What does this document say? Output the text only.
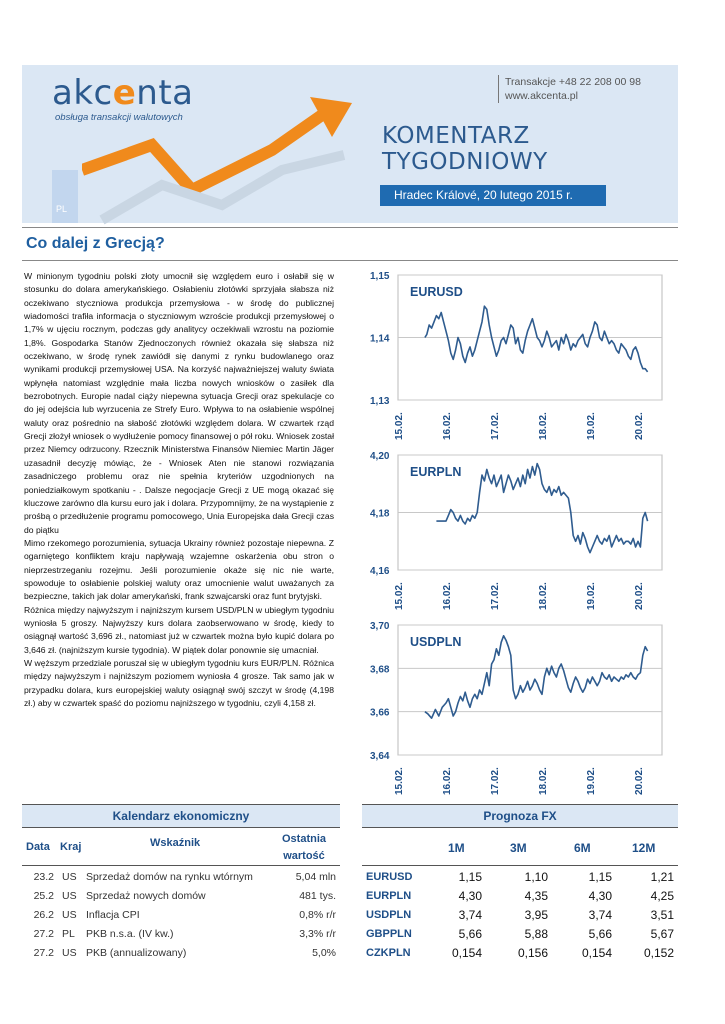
akcenta
obsługa transakcji walutowych
Transakcje +48 22 208 00 98
www.akcenta.pl
PL
KOMENTARZ
TYGODNIOWY
Hradec Králové, 20 lutego 2015 r.
Co dalej z Grecją?

W minionym tygodniu polski złoty umocnił się względem euro i osłabił się w stosunku do dolara amerykańskiego. Osłabieniu złotówki sprzyjała słabsza niż oczekiwano styczniowa produkcja przemysłowa - w środę do publicznej wiadomości trafiła informacja o styczniowym wzroście produkcji przemysłowej o 1,7% w ujęciu rocznym, podczas gdy analitycy oczekiwali wzrostu na poziomie 1,8%. Gospodarka Stanów Zjednoczonych również okazała się słabsza niż oczekiwano, w środę rynek zawiódł się danymi z rynku budowlanego oraz wynikami produkcji przemysłowej USA. Na korzyść najważniejszej waluty świata wpłynęła natomiast względnie mała liczba nowych wniosków o zasiłek dla bezrobotnych. Europie nadal ciąży niepewna sytuacja Grecji oraz spekulacje co do jej odejścia lub wyrzucenia ze Strefy Euro. Wpływa to na osłabienie wspólnej waluty oraz pośrednio na słabość złotówki względem dolara. W czwartek rząd Grecji złożył wniosek o wydłużenie pomocy finansowej o pół roku. Wniosek został przez Niemcy odrzucony. Rzecznik Ministerstwa Finansów Niemiec Martin Jäger uzasadnił decyzję mówiąc, że - Wniosek Aten nie stanowi rozwiązania zasadniczego problemu oraz nie spełnia kryteriów uzgodnionych na poniedziałkowym spotkaniu - . Dalsze negocjacje Grecji z UE mogą okazać się kluczowe zarówno dla kursu euro jak i dolara. Przypomnijmy, że na wystąpienie z prośbą o przedłużenie programu pomocowego, Unia Europejska dała Grecji czas do piątku

Mimo rzekomego porozumienia, sytuacja Ukrainy również pozostaje niepewna. Z ogarniętego konfliktem kraju napływają wzajemne oskarżenia obu stron o nieprzestrzeganiu rozejmu. Jeśli porozumienie okaże się nic nie warte, spowoduje to osłabienie polskiej waluty oraz umocnienie walut uważanych za bezpieczne, takich jak dolar amerykański, frank szwajcarski oraz funt brytyjski.

Różnica między najwyższym i najniższym kursem USD/PLN w ubiegłym tygodniu wyniosła 5 groszy. Najwyższy kurs dolara zaobserwowano w środę, kiedy to osiągnął wartość 3,696 zł., natomiast już w czwartek można było kupić dolara po 3,646 zł. (najniższym kursie tygodnia). W piątek dolar ponownie się umacniał.

W węższym przedziale poruszał się w ubiegłym tygodniu kurs EUR/PLN. Różnica między najwyższym i najniższym poziomem wyniosła 4 grosze. Tak samo jak w przypadku dolara, kurs europejskiej waluty osiągnął swój szczyt w środę (4,198 zł.) aby w czwartek spaść do poziomu najniższego w tygodniu, czyli 4,158 zł.

1,15
1,14
1,13
15.02.	16.02.	17.02.	18.02.	19.02.	20.02.
EURUSD
4,20
4,18
4,16
15.02.	16.02.	17.02.	18.02.	19.02.	20.02.
EURPLN
3,70
3,68
3,66
3,64
15.02.	16.02.	17.02.	18.02.	19.02.	20.02.
USDPLN
Kalendarz ekonomiczny
Data Kraj	Wskaźnik	Ostatnia wartość
23.2 US Sprzedaż domów na rynku wtórnym	5,04 mln
25.2 US Sprzedaż nowych domów	481 tys.
26.2 US Inflacja CPI	0,8% r/r
27.2 PL PKB n.s.a. (IV kw.)	3,3% r/r
27.2 US PKB (annualizowany)	5,0%
Prognoza FX
1M	3M	6M	12M
EURUSD	1,15	1,10	1,15	1,21
EURPLN	4,30	4,35	4,30	4,25
USDPLN	3,74	3,95	3,74	3,51
GBPPLN	5,66	5,88	5,66	5,67
CZKPLN	0,154	0,156	0,154	0,152
